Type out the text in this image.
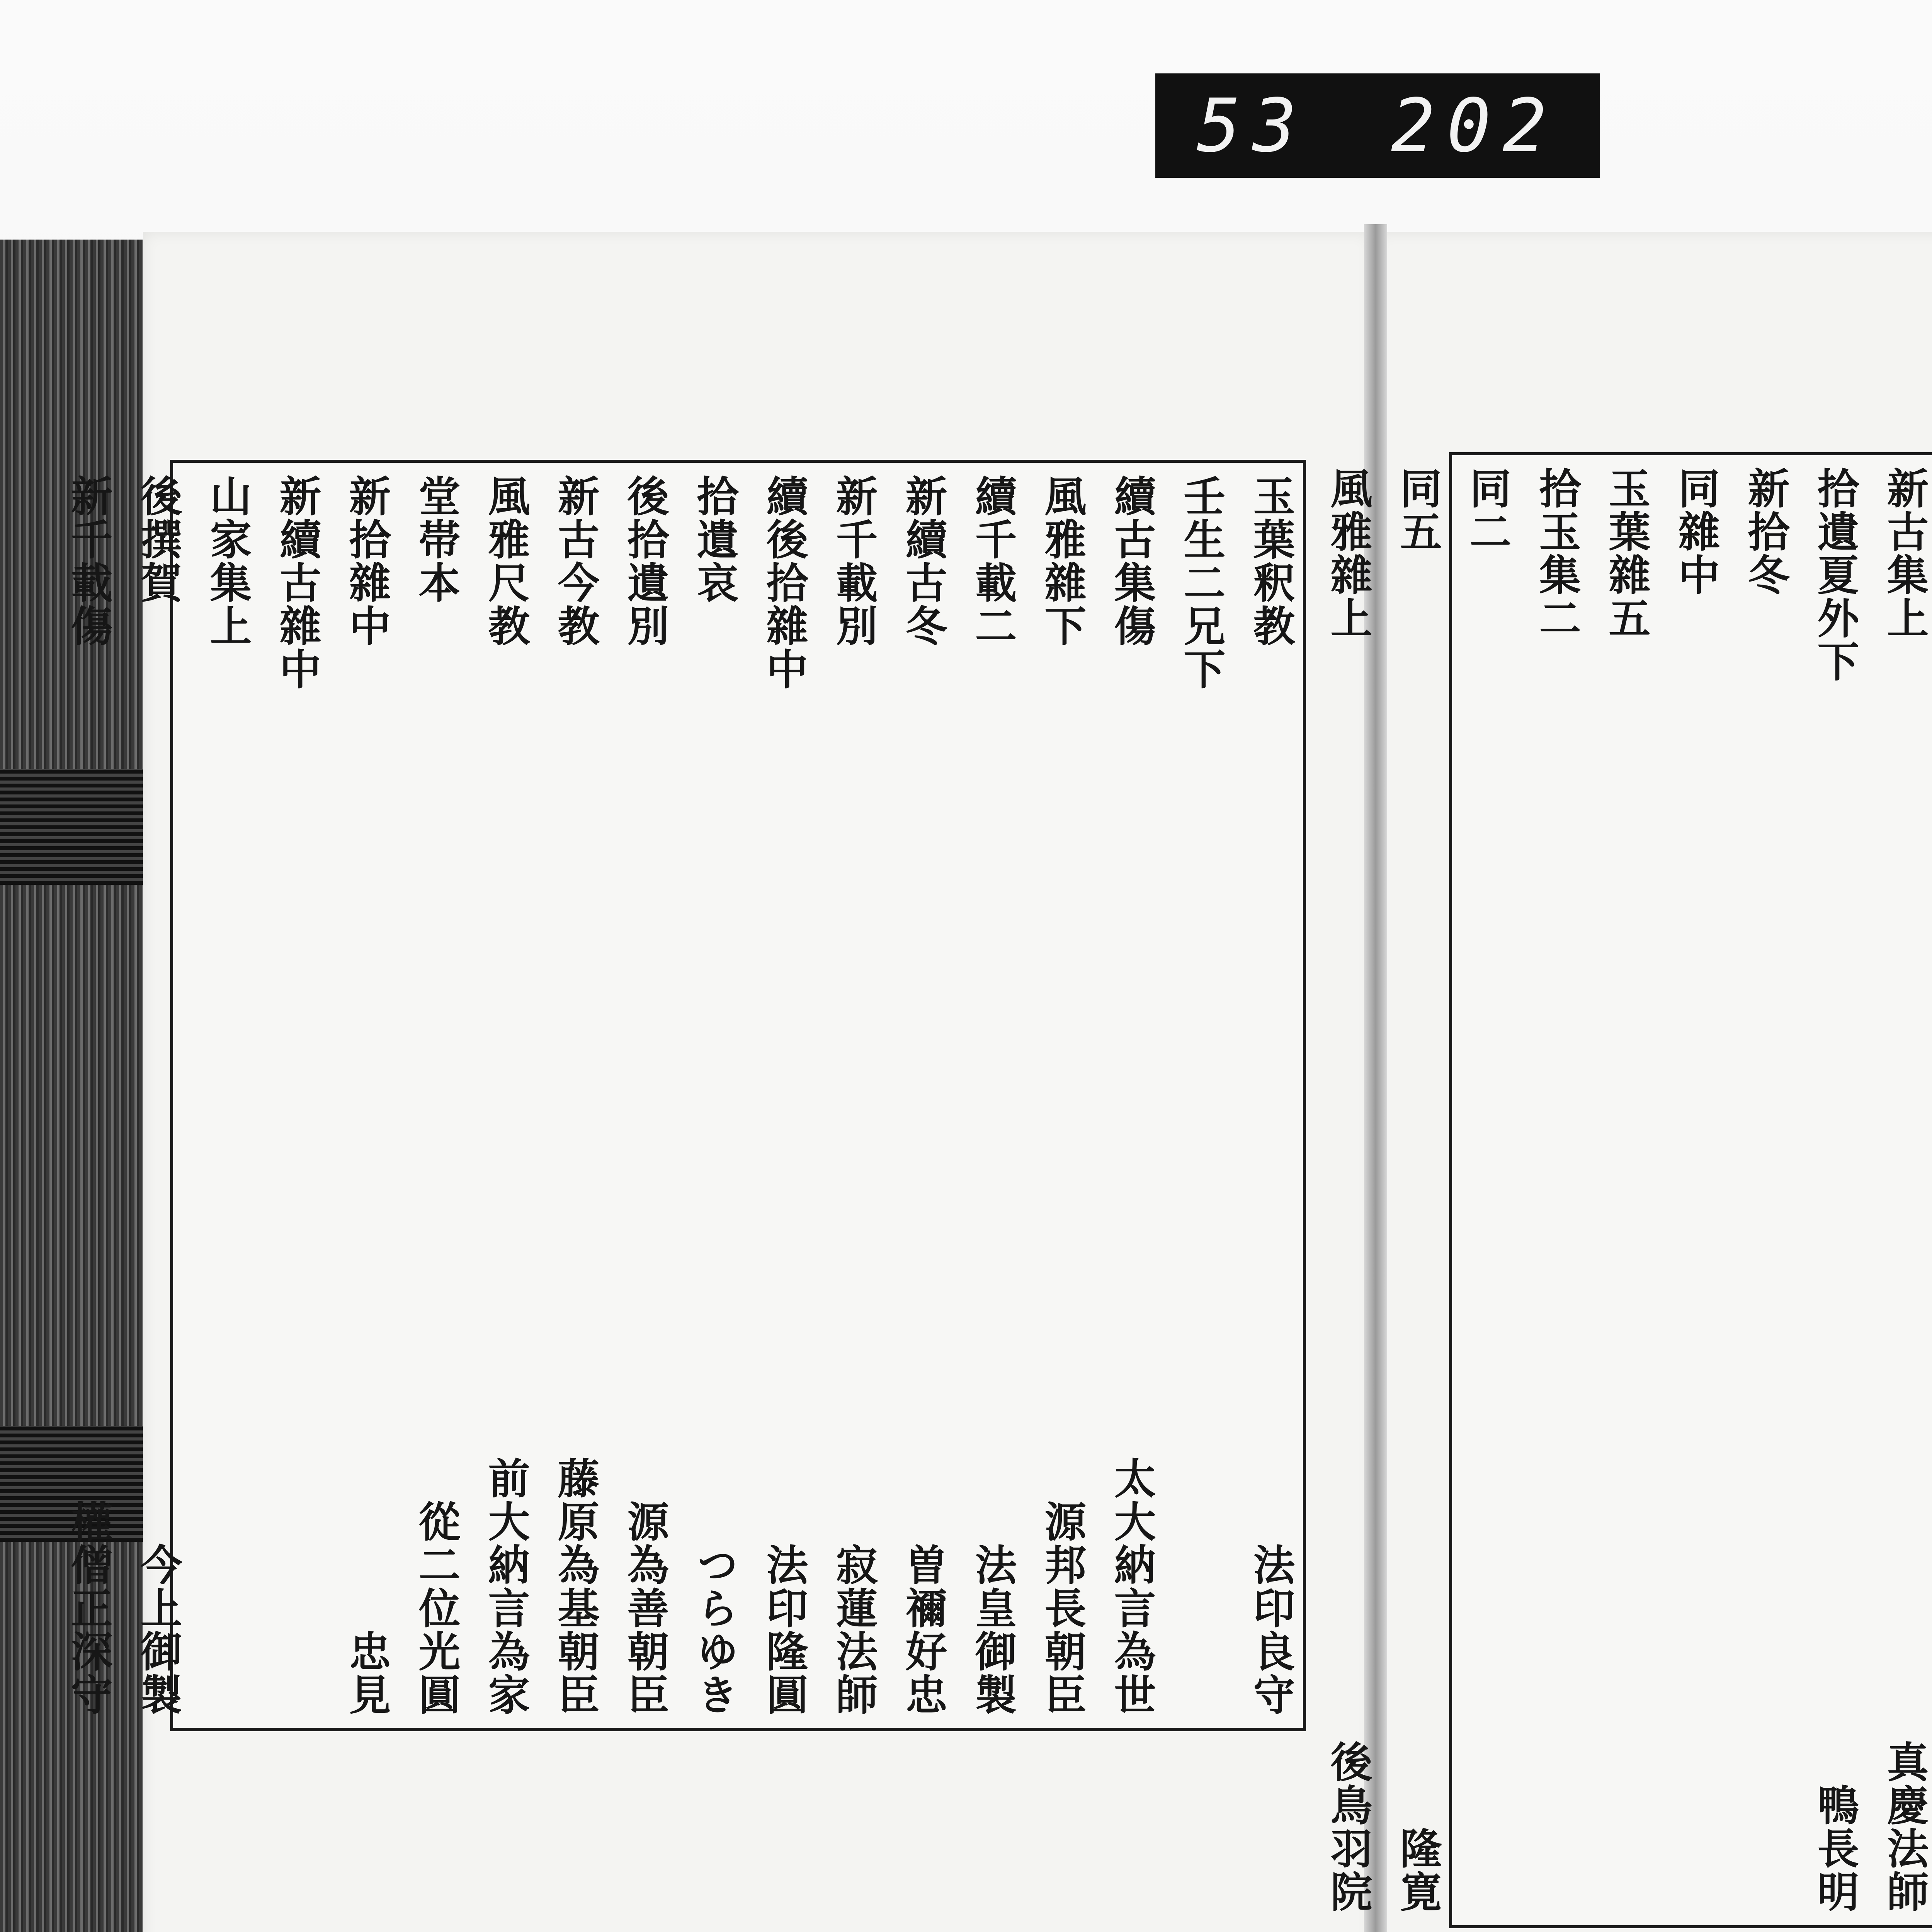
53 202
新古集上
真慶法師
拾遺夏外下
鴨長明
新拾冬
同雜中
玉葉雜五
拾玉集二
同二
同五
隆寛
風雅雜上
後鳥羽院
玉葉釈教
法印良守
壬生二兄下
續古集傷
太大納言為世
風雅雜下
源邦長朝臣
續千載二
法皇御製
新續古冬
曽禰好忠
新千載別
寂蓮法師
續後拾雜中
法印隆圓
拾遺哀
つらゆき
後拾遺別
源為善朝臣
新古今教
藤原為基朝臣
風雅尺教
前大納言為家
堂帯本
從二位光圓
新拾雜中
忠見
新續古雜中
山家集上
後撰賀
今上御製
新千載傷
權僧正深守
